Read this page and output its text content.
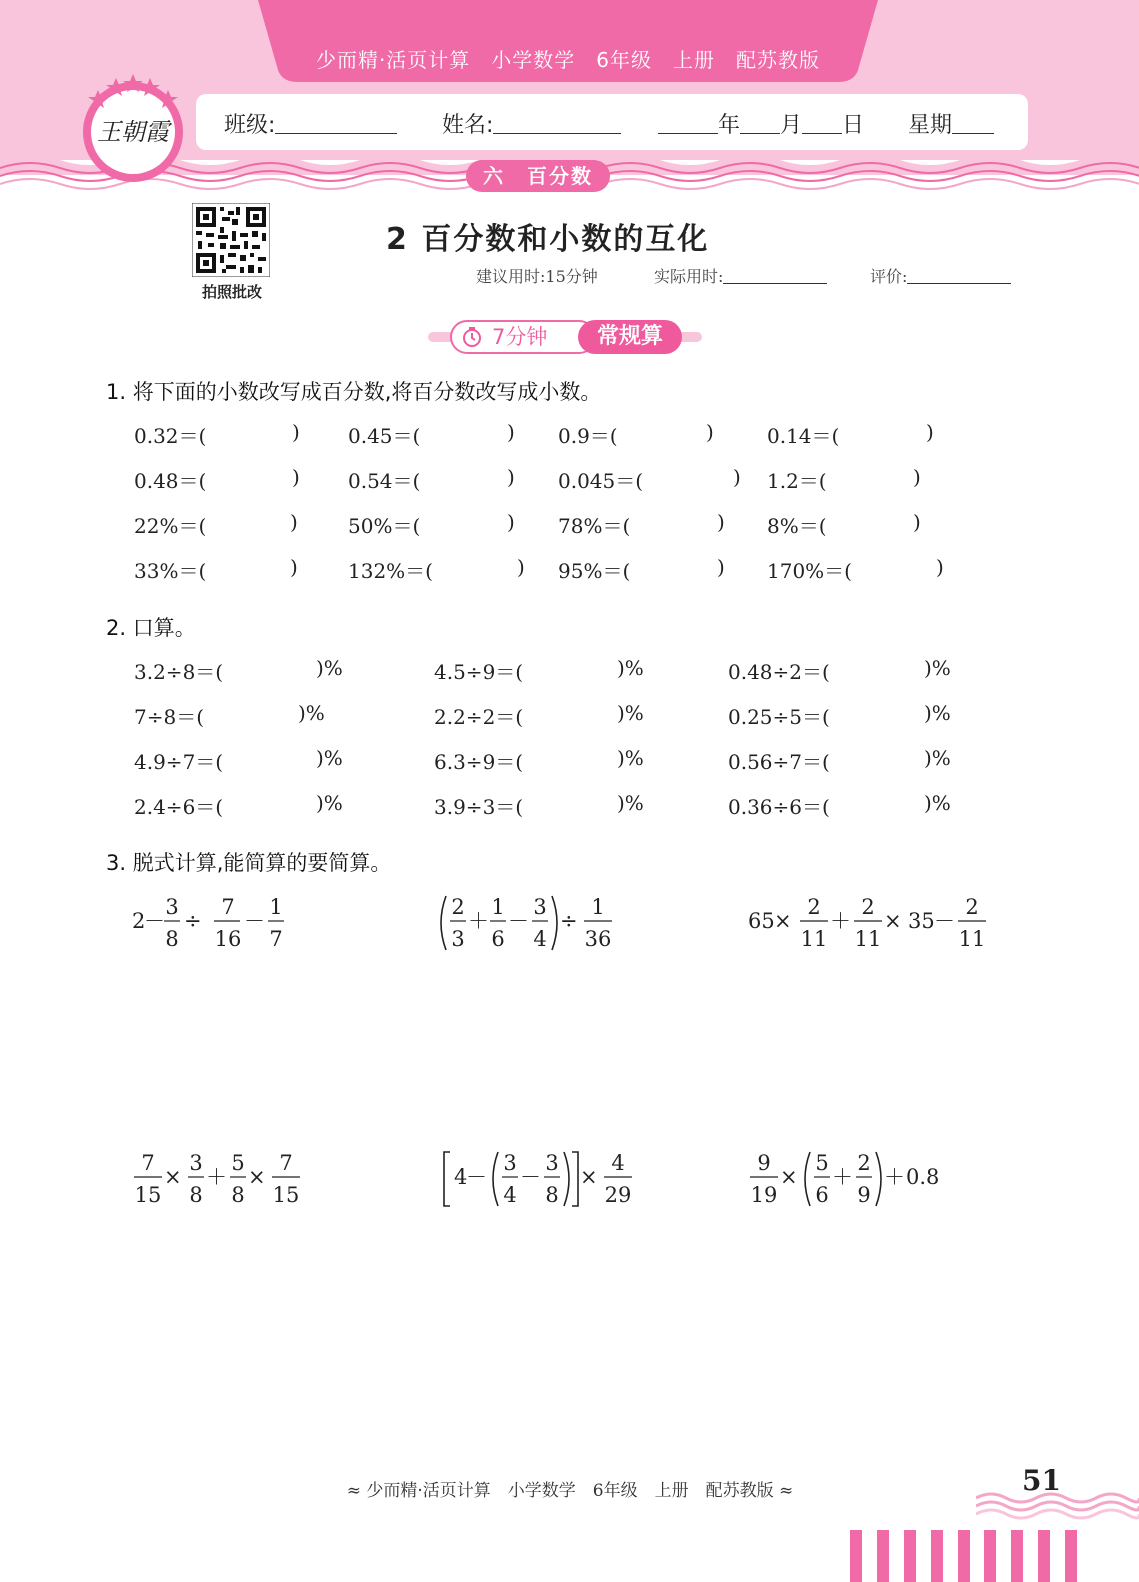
少而精·活页计算　小学数学　6年级　上册　配苏教版
王朝霞	班级:	姓名:	年 月 日 星期
六　百分数
拍照批改
2 百分数和小数的互化
建议用时:15分钟	实际用时:	评价:
7分钟	常规算
1. 将下面的小数改写成百分数,将百分数改写成小数。
0.32＝(	) 0.45＝(	) 0.9＝(	)	0.14＝(	)
0.48＝(	) 0.54＝(	) 0.045＝(	) 1.2＝(	)
22%＝(	)	50%＝(	) 78%＝(	) 8%＝(	)
33%＝(	)	132%＝(	) 95%＝(	) 170%＝(	)
2. 口算。
3.2÷8＝(	)%	4.5÷9＝(	)%	0.48÷2＝(	)%
7÷8＝(	)%	2.2÷2＝(	)%	0.25÷5＝(	)%
4.9÷7＝(	)%	6.3÷9＝(	)%	0.56÷7＝(	)%
2.4÷6＝(	)%	3.9÷3＝(	)%	0.36÷6＝(	)%
3. 脱式计算,能简算的要简算。
2
－
3
8
÷
7
16
－
1
7
2
3
＋
1
6
－
3
4
÷
1
36
65 ×
2
11
＋
2
11
× 35 －
2
11
7
15
×
3
8
＋
5
8
×
7
15
4
－
3
4
－
3
8
×
4
29
9
19
×
5
6
＋
2
9
＋ 0.8
≈ 少而精·活页计算　小学数学　6年级　上册　配苏教版 ≈	51
